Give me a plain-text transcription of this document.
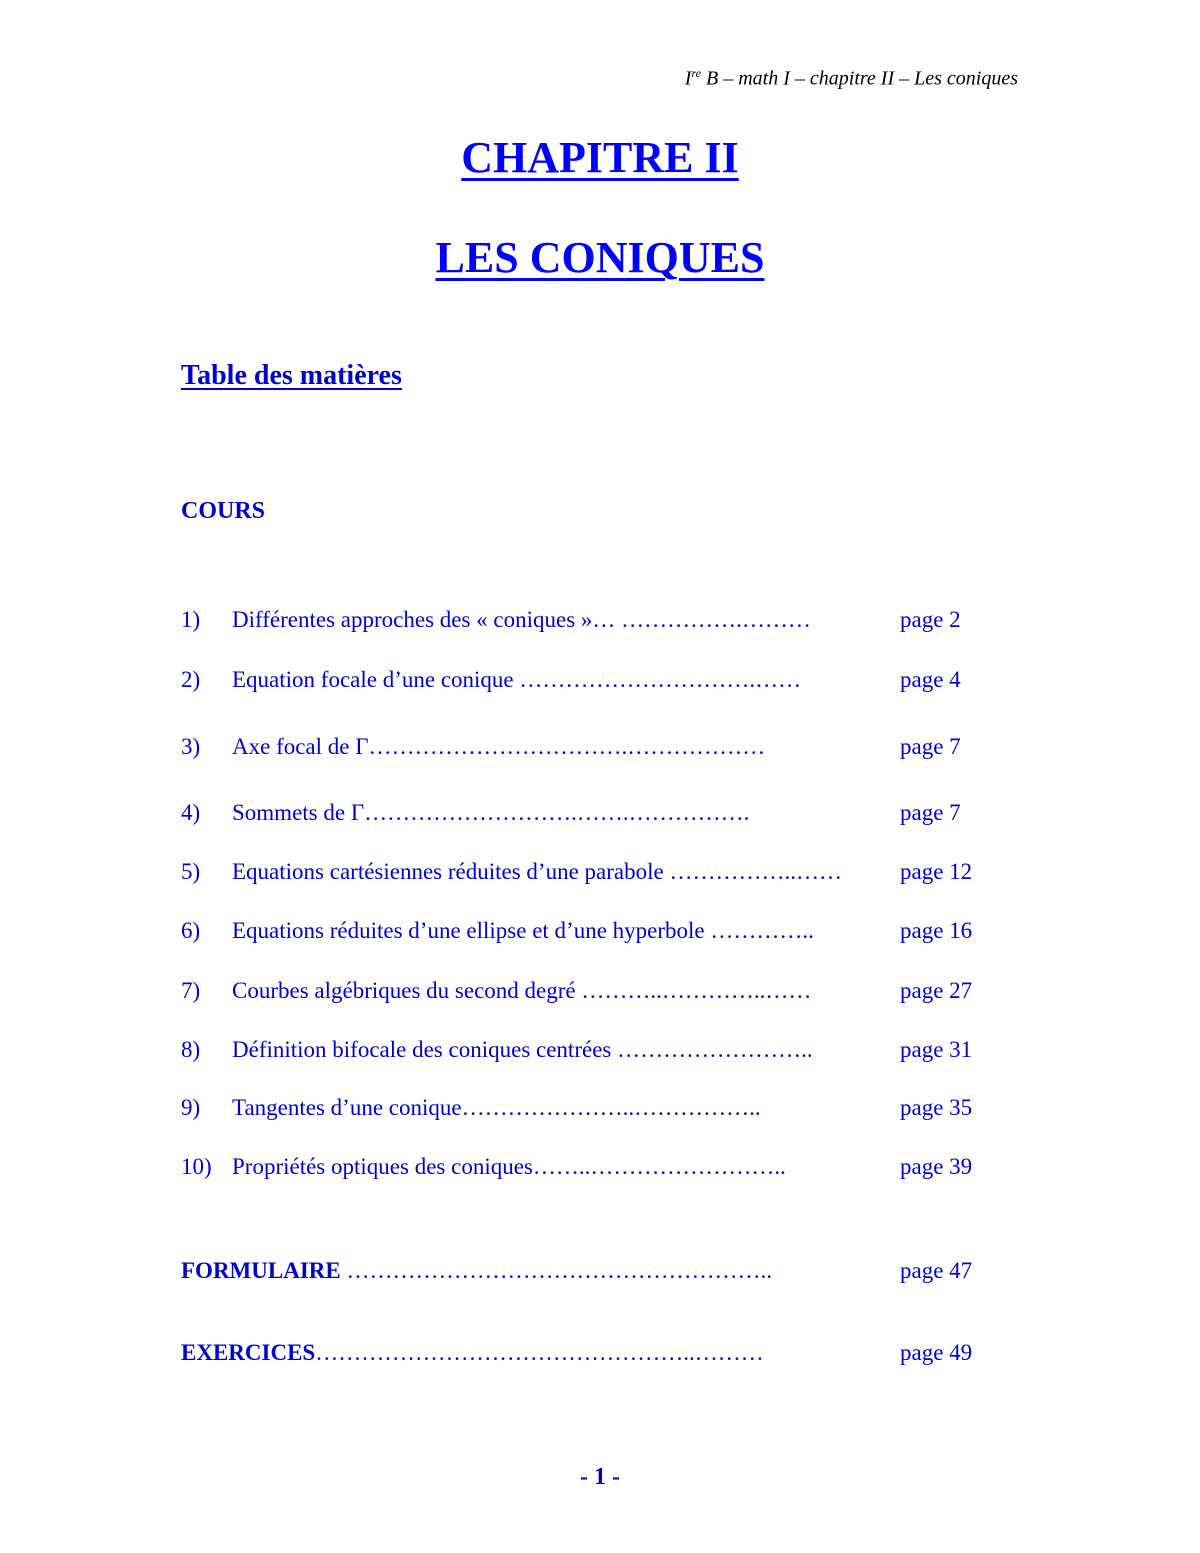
Ire B – math I – chapitre II – Les coniques
CHAPITRE II
LES CONIQUES
Table des matières
COURS
1) Différentes approches des « coniques »… …………….………	page 2
2) Equation focale d’une conique ………………………….……	page 4
3) Axe focal de Γ…………………………….………………	page 7
4) Sommets de Γ……………………….…….…………….	page 7
5) Equations cartésiennes réduites d’une parabole ……………..……	page 12
6) Equations réduites d’une ellipse et d’une hyperbole …………..	page 16
7) Courbes algébriques du second degré ………..…………..……	page 27
8) Définition bifocale des coniques centrées ……………………..	page 31
9) Tangentes d’une conique…………………..……………..	page 35
10) Propriétés optiques des coniques……..……………………..	page 39
FORMULAIRE ………………………………………………..	page 47
EXERCICES…………………………………………..………	page 49
- 1 -
